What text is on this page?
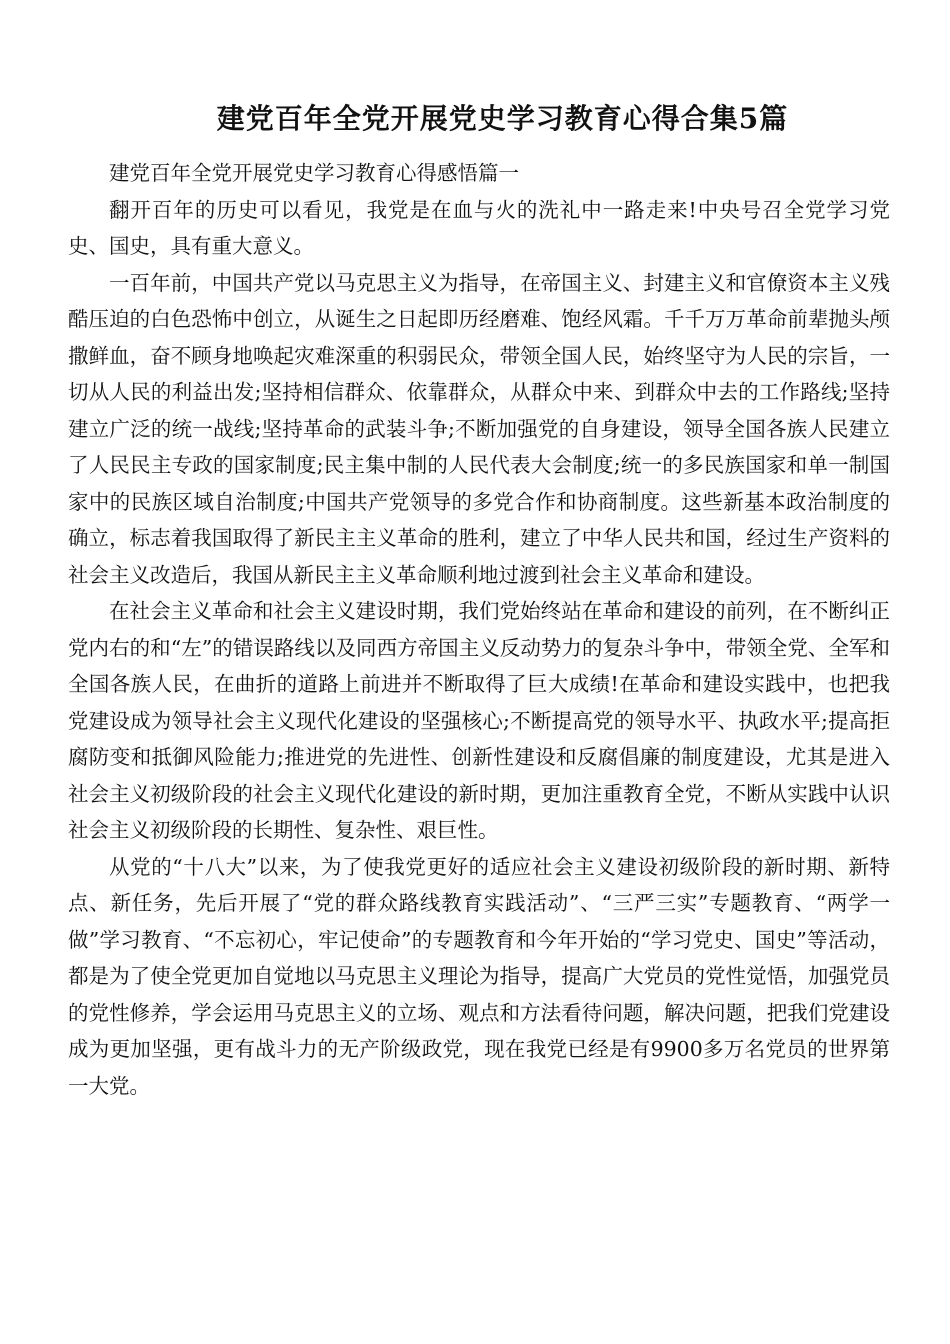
建党百年全党开展党史学习教育心得合集5篇

建党百年全党开展党史学习教育心得感悟篇一

翻开百年的历史可以看见，我党是在血与火的洗礼中一路走来!中央号召全党学习党史、国史，具有重大意义。

一百年前，中国共产党以马克思主义为指导，在帝国主义、封建主义和官僚资本主义残酷压迫的白色恐怖中创立，从诞生之日起即历经磨难、饱经风霜。千千万万革命前辈抛头颅撒鲜血，奋不顾身地唤起灾难深重的积弱民众，带领全国人民，始终坚守为人民的宗旨，一切从人民的利益出发;坚持相信群众、依靠群众，从群众中来、到群众中去的工作路线;坚持建立广泛的统一战线;坚持革命的武装斗争;不断加强党的自身建设，领导全国各族人民建立了人民民主专政的国家制度;民主集中制的人民代表大会制度;统一的多民族国家和单一制国家中的民族区域自治制度;中国共产党领导的多党合作和协商制度。这些新基本政治制度的确立，标志着我国取得了新民主主义革命的胜利，建立了中华人民共和国，经过生产资料的社会主义改造后，我国从新民主主义革命顺利地过渡到社会主义革命和建设。

在社会主义革命和社会主义建设时期，我们党始终站在革命和建设的前列，在不断纠正党内右的和“左”的错误路线以及同西方帝国主义反动势力的复杂斗争中，带领全党、全军和全国各族人民，在曲折的道路上前进并不断取得了巨大成绩!在革命和建设实践中，也把我党建设成为领导社会主义现代化建设的坚强核心;不断提高党的领导水平、执政水平;提高拒腐防变和抵御风险能力;推进党的先进性、创新性建设和反腐倡廉的制度建设，尤其是进入社会主义初级阶段的社会主义现代化建设的新时期，更加注重教育全党，不断从实践中认识社会主义初级阶段的长期性、复杂性、艰巨性。

从党的“十八大”以来，为了使我党更好的适应社会主义建设初级阶段的新时期、新特点、新任务，先后开展了“党的群众路线教育实践活动”、“三严三实”专题教育、“两学一做”学习教育、“不忘初心，牢记使命”的专题教育和今年开始的“学习党史、国史”等活动，都是为了使全党更加自觉地以马克思主义理论为指导，提高广大党员的党性觉悟，加强党员的党性修养，学会运用马克思主义的立场、观点和方法看待问题，解决问题，把我们党建设成为更加坚强，更有战斗力的无产阶级政党，现在我党已经是有9900多万名党员的世界第一大党。
